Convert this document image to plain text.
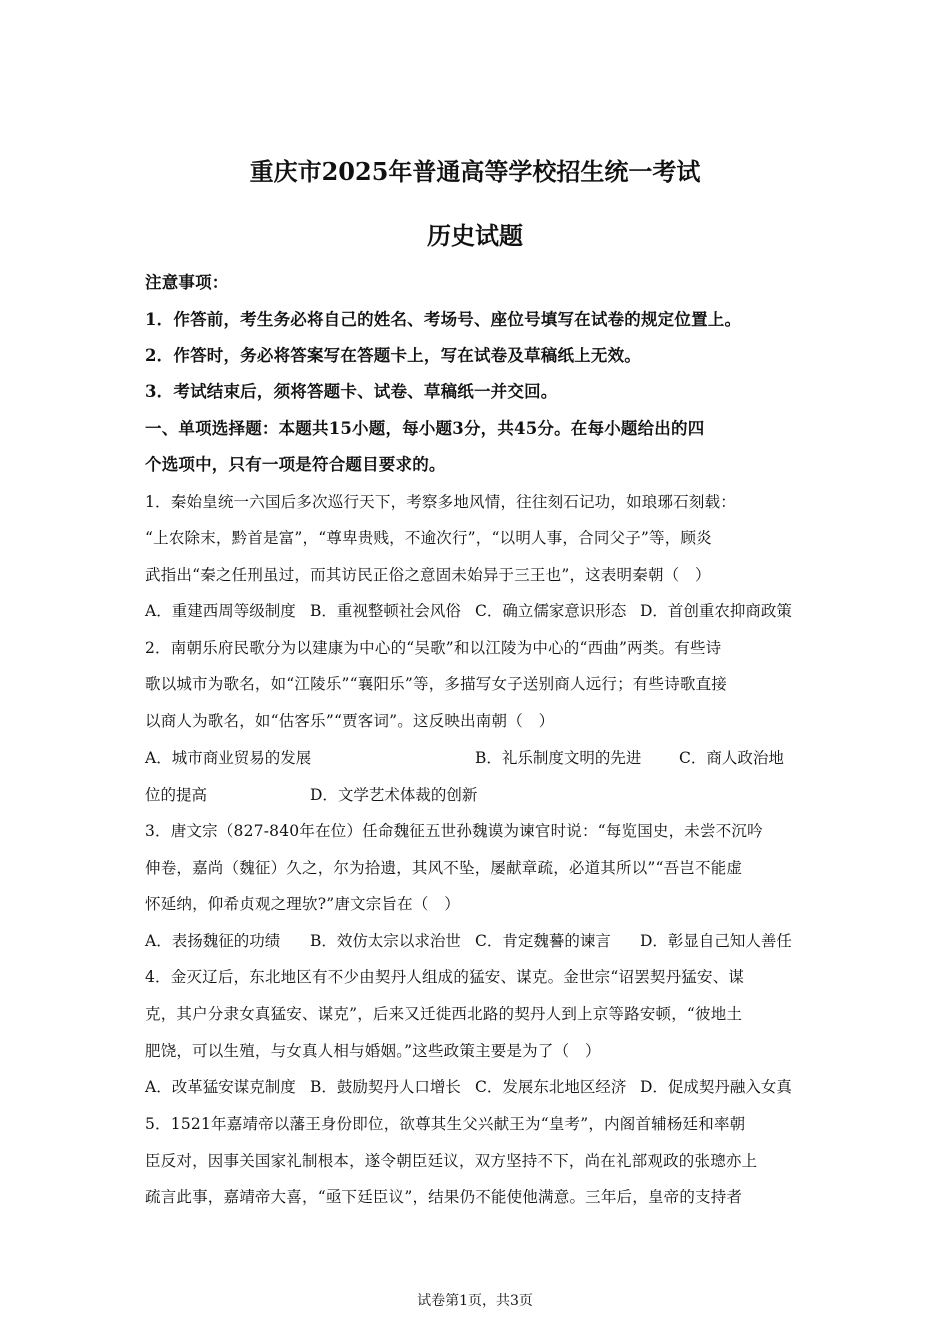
重庆市2025年普通高等学校招生统一考试
历史试题
注意事项：
1．作答前，考生务必将自己的姓名、考场号、座位号填写在试卷的规定位置上。
2．作答时，务必将答案写在答题卡上，写在试卷及草稿纸上无效。
3．考试结束后，须将答题卡、试卷、草稿纸一并交回。
一、单项选择题：本题共15小题，每小题3分，共45分。在每小题给出的四
个选项中，只有一项是符合题目要求的。
1．秦始皇统一六国后多次巡行天下，考察多地风情，往往刻石记功，如琅琊石刻载：
“上农除末，黔首是富”，“尊卑贵贱，不逾次行”，“以明人事，合同父子”等，顾炎
武指出“秦之任刑虽过，而其访民正俗之意固未始异于三王也”，这表明秦朝（　）
A．重建西周等级制度 B．重视整顿社会风俗 C．确立儒家意识形态 D．首创重农抑商政策
2．南朝乐府民歌分为以建康为中心的“吴歌”和以江陵为中心的“西曲”两类。有些诗
歌以城市为歌名，如“江陵乐”“襄阳乐”等，多描写女子送别商人远行；有些诗歌直接
以商人为歌名，如“估客乐”“贾客词”。这反映出南朝（　）
A．城市商业贸易的发展	B．礼乐制度文明的先进 C．商人政治地
位的提高	D．文学艺术体裁的创新
3．唐文宗（827-840年在位）任命魏征五世孙魏谟为谏官时说：“每览国史，未尝不沉吟
伸卷，嘉尚（魏征）久之，尔为拾遗，其风不坠，屡献章疏，必道其所以”“吾岂不能虚
怀延纳，仰希贞观之理欤?”唐文宗旨在（　）
A．表扬魏征的功绩 B．效仿太宗以求治世 C．肯定魏謩的谏言 D．彰显自己知人善任
4．金灭辽后，东北地区有不少由契丹人组成的猛安、谋克。金世宗“诏罢契丹猛安、谋
克，其户分隶女真猛安、谋克”，后来又迁徙西北路的契丹人到上京等路安顿，“彼地土
肥饶，可以生殖，与女真人相与婚姻。”这些政策主要是为了（　）
A．改革猛安谋克制度 B．鼓励契丹人口增长 C．发展东北地区经济 D．促成契丹融入女真
5．1521年嘉靖帝以藩王身份即位，欲尊其生父兴献王为“皇考”，内阁首辅杨廷和率朝
臣反对，因事关国家礼制根本，遂令朝臣廷议，双方坚持不下，尚在礼部观政的张璁亦上
疏言此事，嘉靖帝大喜，“亟下廷臣议”，结果仍不能使他满意。三年后，皇帝的支持者
试卷第1页，共3页
